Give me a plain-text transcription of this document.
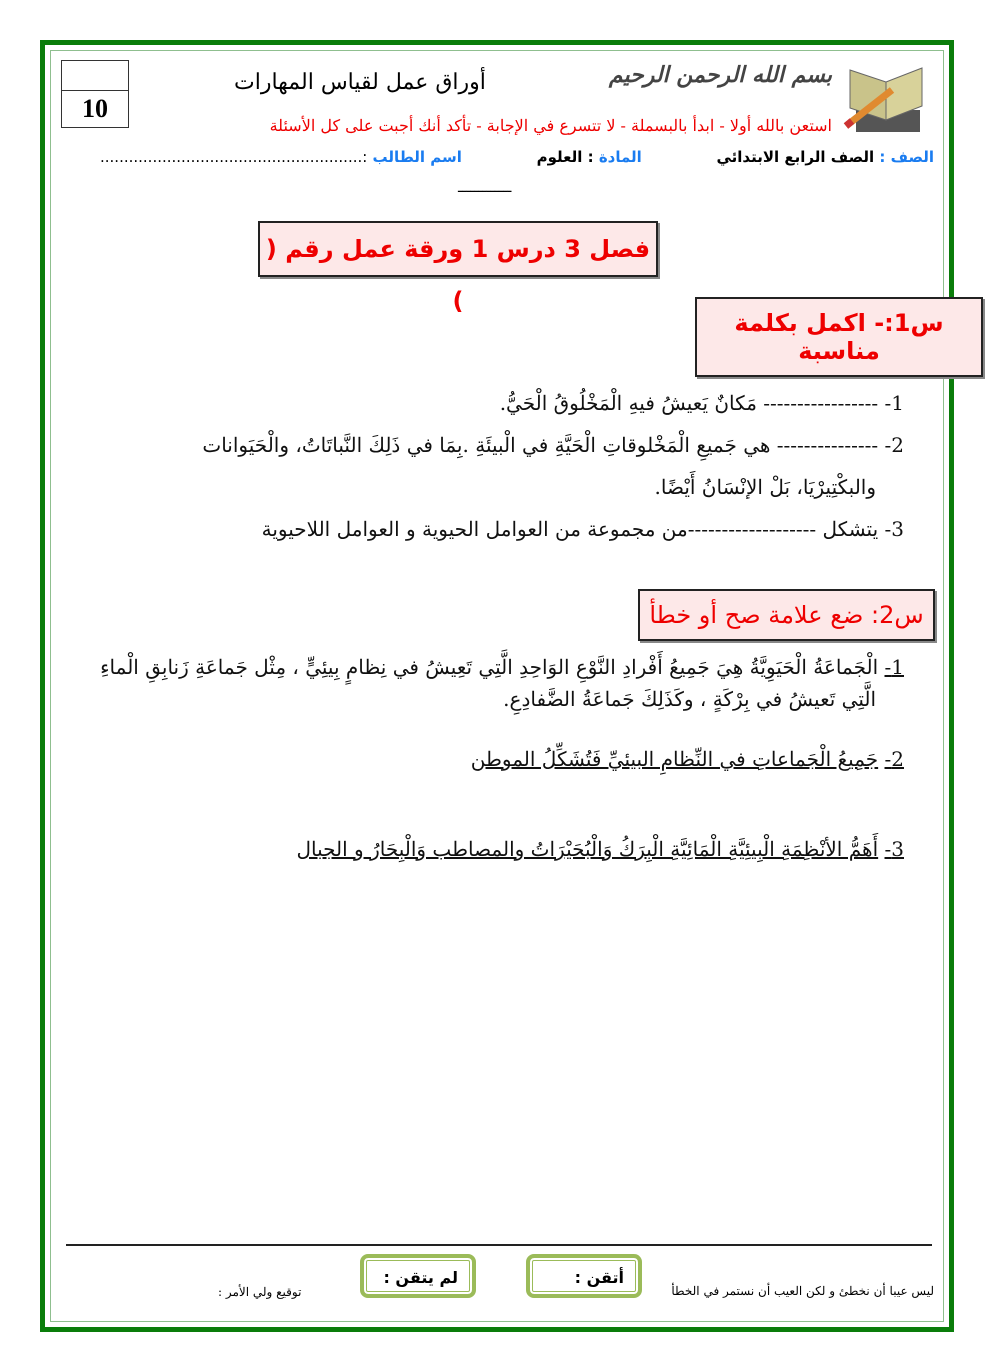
10
بسم الله الرحمن الرحيم
أوراق عمل لقياس المهارات
استعن بالله أولا - ابدأ بالبسملة - لا تتسرع في الإجابة - تأكد أنك أجبت على كل الأسئلة
الصف : الصف الرابع الابتدائي
المادة : العلوم
اسم الطالب :.......................................................
ـــــــــــــ
فصل 3 درس 1 ورقة عمل رقم ( )
س1:- اكمل بكلمة مناسبة
1- ----------------- مَكانٌ يَعيشُ فيهِ الْمَخْلُوقُ الْحَيُّ.
2- --------------- هي جَميعِ الْمَخْلوقاتِ الْحَيَّةِ في الْبيئَةِ .بِمَا في ذَلِكَ النَّباتَاتُ، والْحَيَوانات
والبكْتِيرْيَا، بَلْ الإنْسَانُ أَيْضًا.
3- يتشكل -------------------من مجموعة من العوامل الحيوية و العوامل اللاحيوية
س2: ضع علامة صح أو خطأ
1- الْجَماعَةُ الْحَيَوِيَّةُ هِيَ جَمِيعُ أَفْرادِ النَّوْعِ الوَاحِدِ الَّتِي تَعِيشُ في نِظامٍ بِيئِيٍّ ، مِثْل جَماعَةِ زَنابِقِ الْماءِ
الَّتِي تَعيشُ في بِرْكَةٍ ، وكَذَلِكَ جَماعَةُ الضَّفادِعِ.
2- جَمِيعُ الْجَماعاتِ في النِّظامِ البيئيِّ فَتُشَكِّلُ الموطن
3- أَهَمُّ الأنْظِمَةِ الْبِيئِيَّةِ الْمَائِيَّةِ الْبِرَكُ وَالْبُحَيْرَاتُ والمصاطب وَالْبِحَارُ و الجبال
ليس عيبا أن نخطئ و لكن العيب أن نستمر في الخطأ
أتقن :
لم يتقن :
توقيع ولي الأمر :
